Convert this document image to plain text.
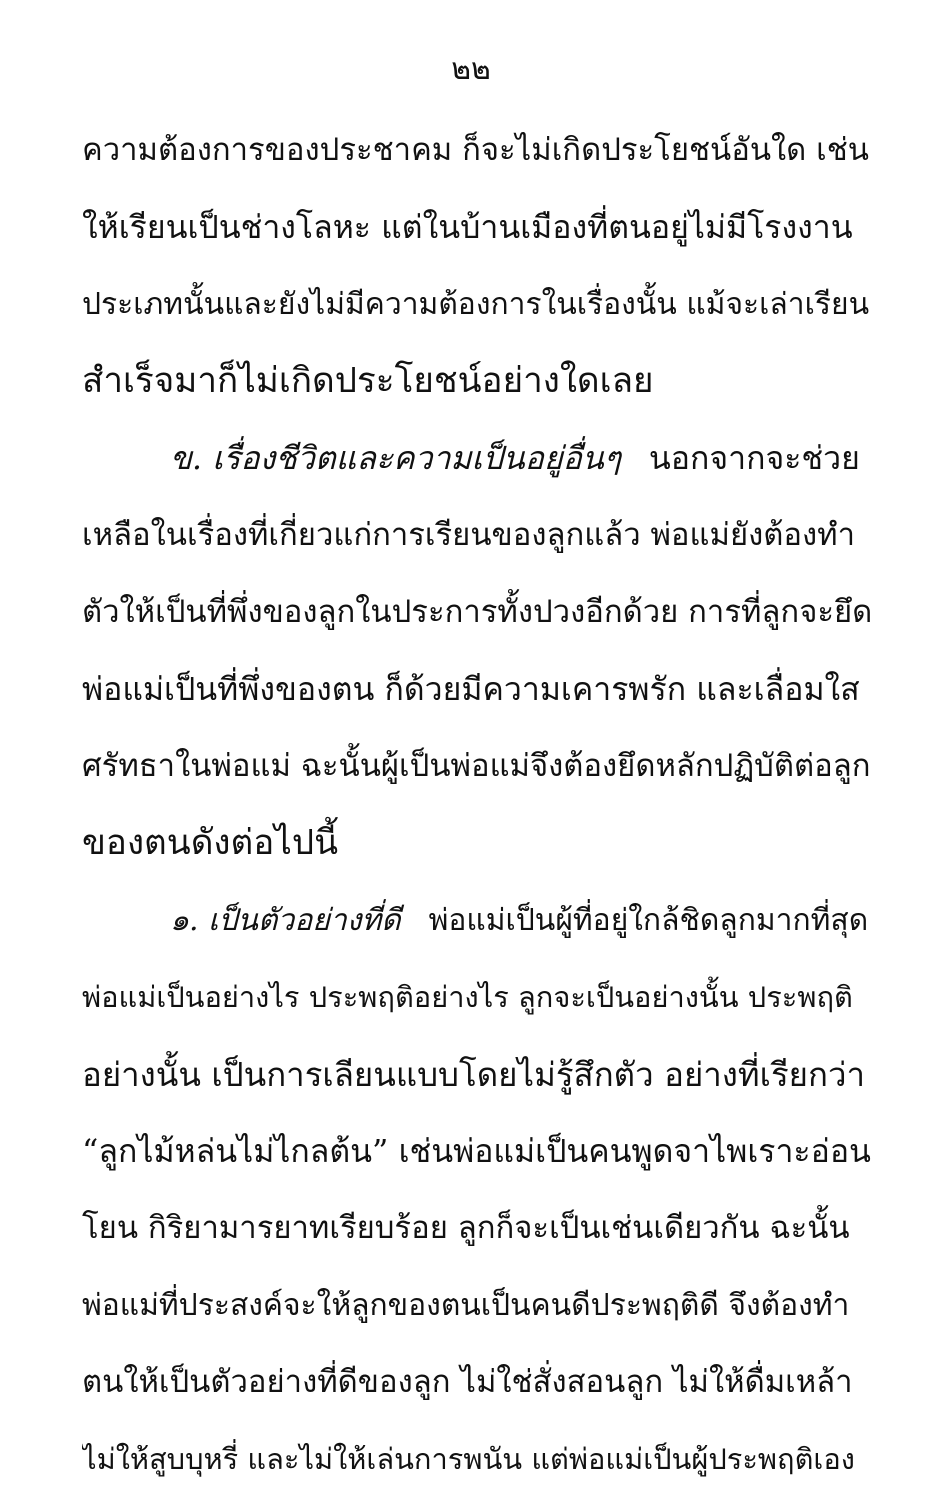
๒๒
ความต้องการของประชาคม ก็จะไม่เกิดประโยชน์อันใด เช่น
ให้เรียนเป็นช่างโลหะ แต่ในบ้านเมืองที่ตนอยู่ไม่มีโรงงาน
ประเภทนั้นและยังไม่มีความต้องการในเรื่องนั้น แม้จะเล่าเรียน
สำเร็จมาก็ไม่เกิดประโยชน์อย่างใดเลย
ข. เรื่องชีวิตและความเป็นอยู่อื่นๆ นอกจากจะช่วย
เหลือในเรื่องที่เกี่ยวแก่การเรียนของลูกแล้ว พ่อแม่ยังต้องทำ
ตัวให้เป็นที่พึ่งของลูกในประการทั้งปวงอีกด้วย การที่ลูกจะยึด
พ่อแม่เป็นที่พึ่งของตน ก็ด้วยมีความเคารพรัก และเลื่อมใส
ศรัทธาในพ่อแม่ ฉะนั้นผู้เป็นพ่อแม่จึงต้องยึดหลักปฏิบัติต่อลูก
ของตนดังต่อไปนี้
๑. เป็นตัวอย่างที่ดี พ่อแม่เป็นผู้ที่อยู่ใกล้ชิดลูกมากที่สุด
พ่อแม่เป็นอย่างไร ประพฤติอย่างไร ลูกจะเป็นอย่างนั้น ประพฤติ
อย่างนั้น เป็นการเลียนแบบโดยไม่รู้สึกตัว อย่างที่เรียกว่า
“ลูกไม้หล่นไม่ไกลต้น” เช่นพ่อแม่เป็นคนพูดจาไพเราะอ่อน
โยน กิริยามารยาทเรียบร้อย ลูกก็จะเป็นเช่นเดียวกัน ฉะนั้น
พ่อแม่ที่ประสงค์จะให้ลูกของตนเป็นคนดีประพฤติดี จึงต้องทำ
ตนให้เป็นตัวอย่างที่ดีของลูก ไม่ใช่สั่งสอนลูก ไม่ให้ดื่มเหล้า
ไม่ให้สูบบุหรี่ และไม่ให้เล่นการพนัน แต่พ่อแม่เป็นผู้ประพฤติเอง
